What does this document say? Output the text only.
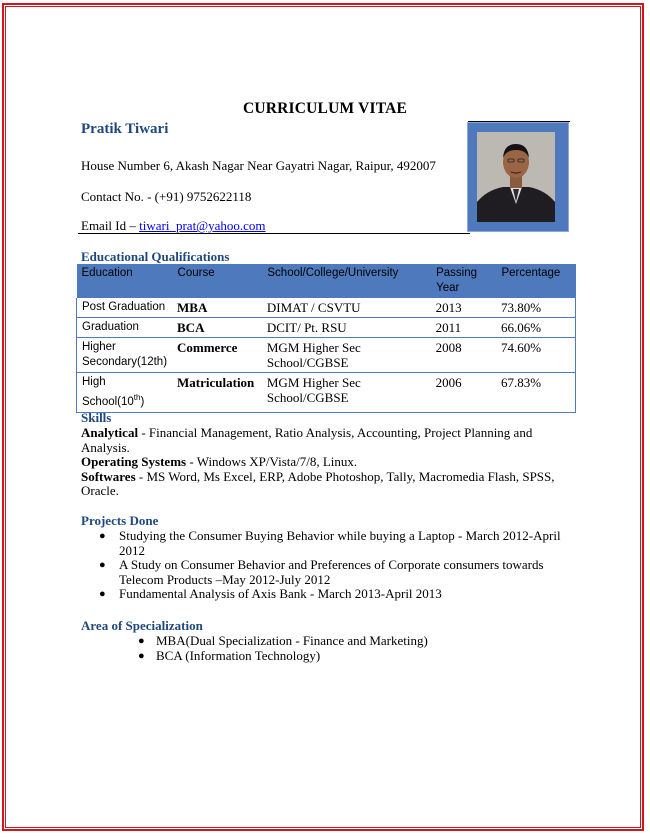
CURRICULUM VITAE
Pratik Tiwari
House Number 6, Akash Nagar Near Gayatri Nagar, Raipur, 492007
Contact No. - (+91) 9752622118
Email Id – tiwari_prat@yahoo.com
Educational Qualifications
Education	Course	School/College/University	Passing Year	Percentage
Post Graduation	MBA	DIMAT / CSVTU	2013	73.80%
Graduation	BCA	DCIT/ Pt. RSU	2011	66.06%
Higher Secondary(12th)	Commerce	MGM Higher Sec School/CGBSE	2008	74.60%
High School(10th)	Matriculation	MGM Higher Sec School/CGBSE	2006	67.83%
Skills
Analytical - Financial Management, Ratio Analysis, Accounting, Project Planning and Analysis.
Operating Systems - Windows XP/Vista/7/8, Linux.
Softwares - MS Word, Ms Excel, ERP, Adobe Photoshop, Tally, Macromedia Flash, SPSS, Oracle.
Projects Done
● Studying the Consumer Buying Behavior while buying a Laptop - March 2012-April 2012
● A Study on Consumer Behavior and Preferences of Corporate consumers towards Telecom Products –May 2012-July 2012
● Fundamental Analysis of Axis Bank - March 2013-April 2013
Area of Specialization
● MBA(Dual Specialization - Finance and Marketing)
● BCA (Information Technology)
